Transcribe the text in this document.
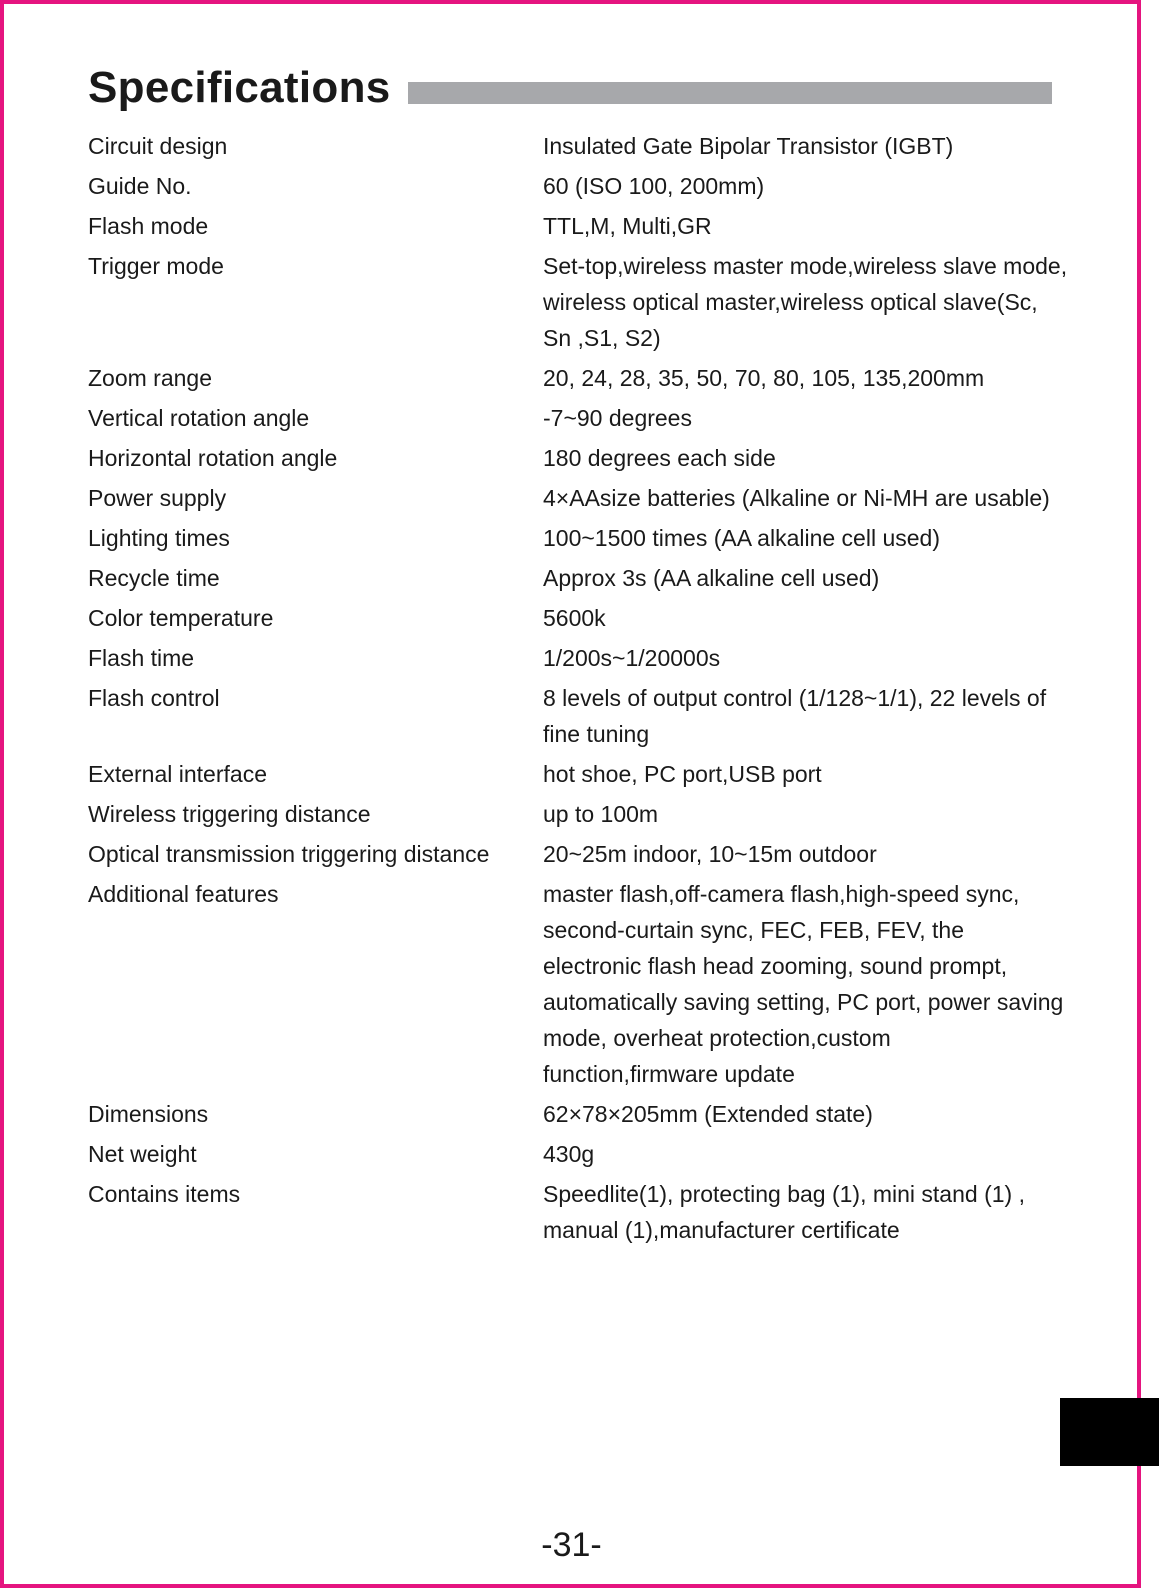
Specifications
Circuit design	Insulated Gate Bipolar Transistor (IGBT)
Guide No.	60 (ISO 100, 200mm)
Flash mode	TTL,M, Multi,GR
Trigger mode	Set-top,wireless master mode,wireless slave mode, wireless optical master,wireless optical slave(Sc, Sn ,S1, S2)
Zoom range	20, 24, 28, 35, 50, 70, 80, 105, 135,200mm
Vertical rotation angle	-7~90 degrees
Horizontal rotation angle	180 degrees each side
Power supply	4×AAsize batteries (Alkaline or Ni-MH are usable)
Lighting times	100~1500 times (AA alkaline cell used)
Recycle time	Approx 3s (AA alkaline cell used)
Color temperature	5600k
Flash time	1/200s~1/20000s
Flash control	8 levels of output control (1/128~1/1), 22 levels of fine tuning
External interface	hot shoe, PC port,USB port
Wireless triggering distance	up to 100m
Optical transmission triggering distance	20~25m indoor, 10~15m outdoor
Additional features	master flash,off-camera flash,high-speed sync, second-curtain sync, FEC, FEB, FEV, the electronic flash head zooming, sound prompt, automatically saving setting, PC port, power saving mode, overheat protection,custom function,firmware update
Dimensions	62×78×205mm (Extended state)
Net weight	430g
Contains items	Speedlite(1), protecting bag (1), mini stand (1) , manual (1),manufacturer certificate
-31-
